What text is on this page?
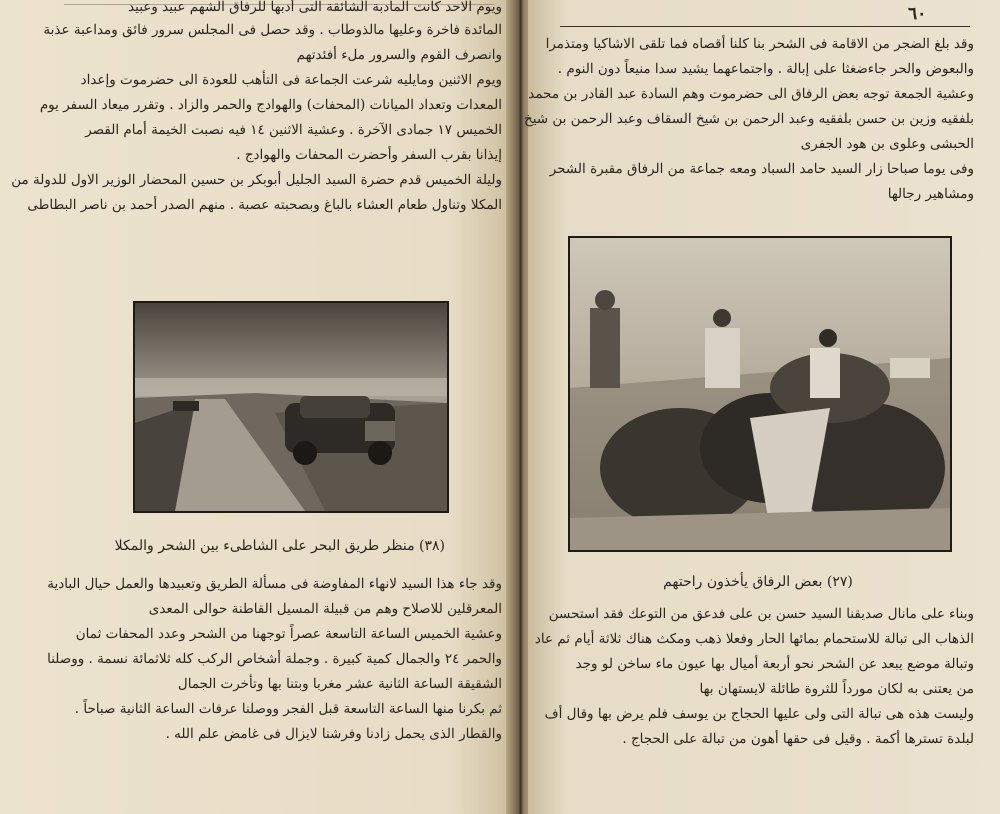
ويوم الاحد كانت المأدبة الشائقة التى أدبها للرفاق الشهم عبيد وعبيد
المائدة فاخرة وعليها مالذوطاب . وقد حصل فى المجلس سرور فائق ومداعبة عذبة
وانصرف القوم والسرور ملء أفئدتهم
ويوم الاثنين ومايليه شرعت الجماعة فى التأهب للعودة الى حضرموت وإعداد
المعدات وتعداد الميانات (المحفات) والهوادج والحمر والزاد . وتقرر ميعاد السفر يوم
الخميس ١٧ جمادى الآخرة . وعشية الاثنين ١٤ فيه نصبت الخيمة أمام القصر
إيذانا بقرب السفر وأحضرت المحفات والهوادج .
وليلة الخميس قدم حضرة السيد الجليل أبوبكر بن حسين المحضار الوزير الاول للدولة من
المكلا وتناول طعام العشاء بالباغ وبصحبته عصبة . منهم الصدر أحمد بن ناصر البطاطى
(٣٨) منظر طريق البحر على الشاطىء بين الشحر والمكلا
وقد جاء هذا السيد لانهاء المفاوضة فى مسألة الطريق وتعبيدها والعمل حيال البادية
المعرقلين للاصلاح وهم من قبيلة المسيل القاطنة حوالى المعدى
وعشية الخميس الساعة التاسعة عصراً توجهنا من الشحر وعدد المحفات ثمان
والحمر ٢٤ والجمال كمية كبيرة . وجملة أشخاص الركب كله ثلاثمائة نسمة . ووصلنا
الشقيقة الساعة الثانية عشر مغربا وبتنا بها وتأخرت الجمال
ثم بكرنا منها الساعة التاسعة قبل الفجر ووصلنا عرفات الساعة الثانية صباحاً .
والقطار الذى يحمل زادنا وفرشنا لايزال فى غامض علم الله .
٦٠
وقد بلغ الضجر من الاقامة فى الشحر بنا كلنا أقصاه فما تلقى الاشاكيا ومتذمرا
والبعوض والحر جاءضغثا على إبالة . واجتماعهما يشيد سدا منيعاً دون النوم .
وعشية الجمعة توجه بعض الرفاق الى حضرموت وهم السادة عبد القادر بن محمد
بلفقيه وزين بن حسن بلفقيه وعبد الرحمن بن شيخ السقاف وعبد الرحمن بن شيخ
الحبشى وعلوى بن هود الجفرى
وفى يوما صباحا زار السيد حامد السباد ومعه جماعة من الرفاق مقبرة الشحر
ومشاهير رجالها
(٢٧) بعض الرفاق يأخذون راحتهم
وبناء على مانال صديقنا السيد حسن بن على فدعق من التوعك فقد استحسن
الذهاب الى تبالة للاستحمام بمائها الحار وفعلا ذهب ومكث هناك ثلاثة أيام ثم عاد
وتبالة موضع يبعد عن الشحر نحو أربعة أميال بها عيون ماء ساخن لو وجد
من يعتنى به لكان مورداً للثروة طائلة لايستهان بها
وليست هذه هى تبالة التى ولى عليها الحجاج بن يوسف فلم يرض بها وقال أف
لبلدة تسترها أكمة . وقيل فى حقها أهون من تبالة على الحجاج .
